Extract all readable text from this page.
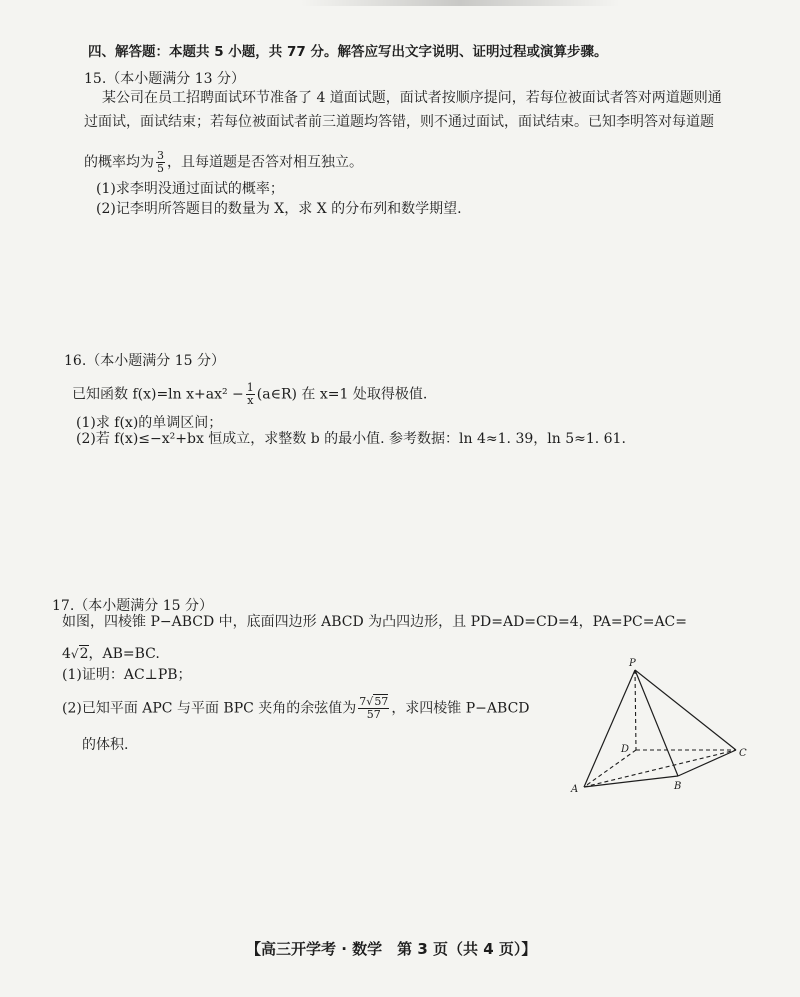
四、解答题：本题共 5 小题，共 77 分。解答应写出文字说明、证明过程或演算步骤。
15.（本小题满分 13 分）
某公司在员工招聘面试环节准备了 4 道面试题，面试者按顺序提问，若每位被面试者答对两道题则通
过面试，面试结束；若每位被面试者前三道题均答错，则不通过面试，面试结束。已知李明答对每道题
的概率均为 $\frac{3}{5}$ ，且每道题是否答对相互独立。
(1)求李明没通过面试的概率；
(2)记李明所答题目的数量为 X，求 X 的分布列和数学期望.
16.（本小题满分 15 分）
已知函数 f(x)=ln $x+ax^2 - \frac{1}{x}$ (a∈R) 在 x=1 处取得极值.
(1)求 f(x)的单调区间；
(2)若 f(x)≤−x²+bx 恒成立，求整数 b 的最小值. 参考数据：ln 4≈1. 39，ln 5≈1. 61.
17.（本小题满分 15 分）
如图，四棱锥 P−ABCD 中，底面四边形 ABCD 为凸四边形，且 PD=AD=CD=4，PA=PC=AC=
4√2，AB=BC.
(1)证明：AC⊥PB；
(2)已知平面 APC 与平面 BPC 夹角的余弦值为 $\frac{7√57}{57}$ ，求四棱锥 P−ABCD
的体积.
P
D	C
A	B
【高三开学考 · 数学　第 3 页（共 4 页）】
